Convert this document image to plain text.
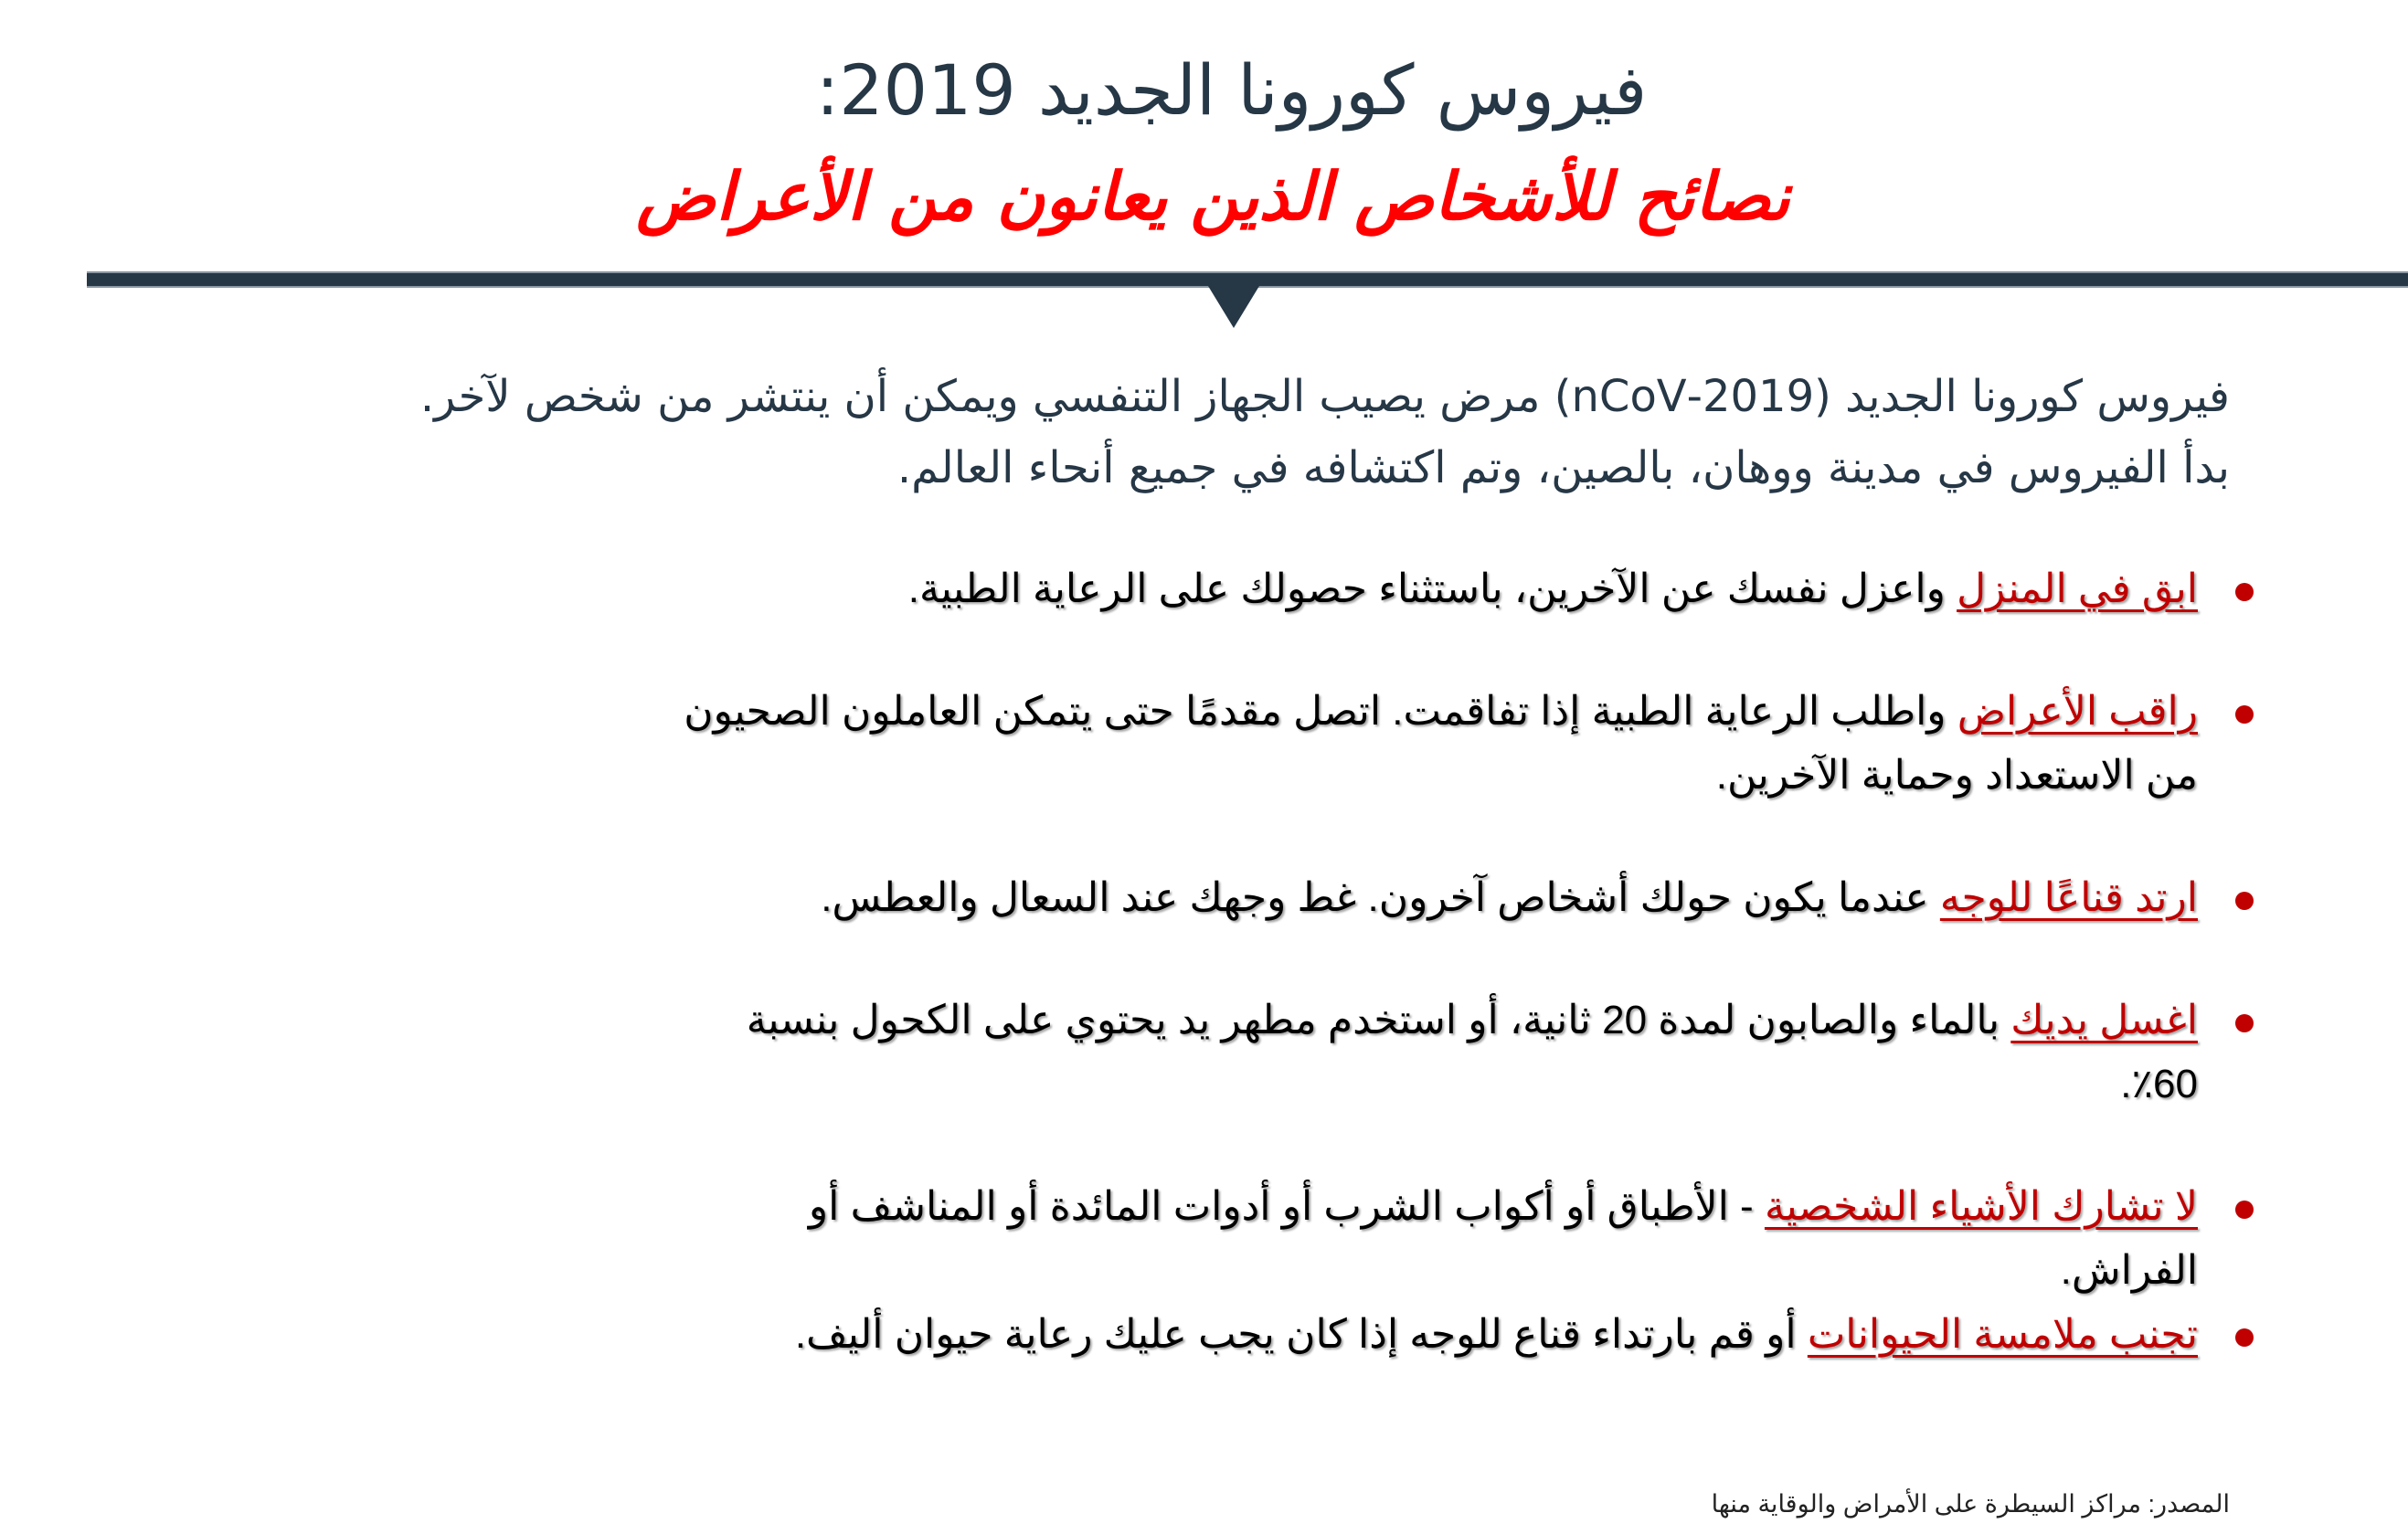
فيروس كورونا الجديد 2019:
نصائح للأشخاص الذين يعانون من الأعراض

فيروس كورونا الجديد (2019-nCoV) مرض يصيب الجهاز التنفسي ويمكن أن ينتشر من شخص لآخر. بدأ الفيروس في مدينة ووهان، بالصين، وتم اكتشافه في جميع أنحاء العالم.

ابق في المنزل واعزل نفسك عن الآخرين، باستثناء حصولك على الرعاية الطبية.
راقب الأعراض واطلب الرعاية الطبية إذا تفاقمت. اتصل مقدمًا حتى يتمكن العاملون الصحيون من الاستعداد وحماية الآخرين.
ارتد قناعًا للوجه عندما يكون حولك أشخاص آخرون. غط وجهك عند السعال والعطس.
اغسل يديك بالماء والصابون لمدة 20 ثانية، أو استخدم مطهر يد يحتوي على الكحول بنسبة 60٪.
لا تشارك الأشياء الشخصية - الأطباق أو أكواب الشرب أو أدوات المائدة أو المناشف أو الفراش.
تجنب ملامسة الحيوانات أو قم بارتداء قناع للوجه إذا كان يجب عليك رعاية حيوان أليف.

المصدر: مراكز السيطرة على الأمراض والوقاية منها
